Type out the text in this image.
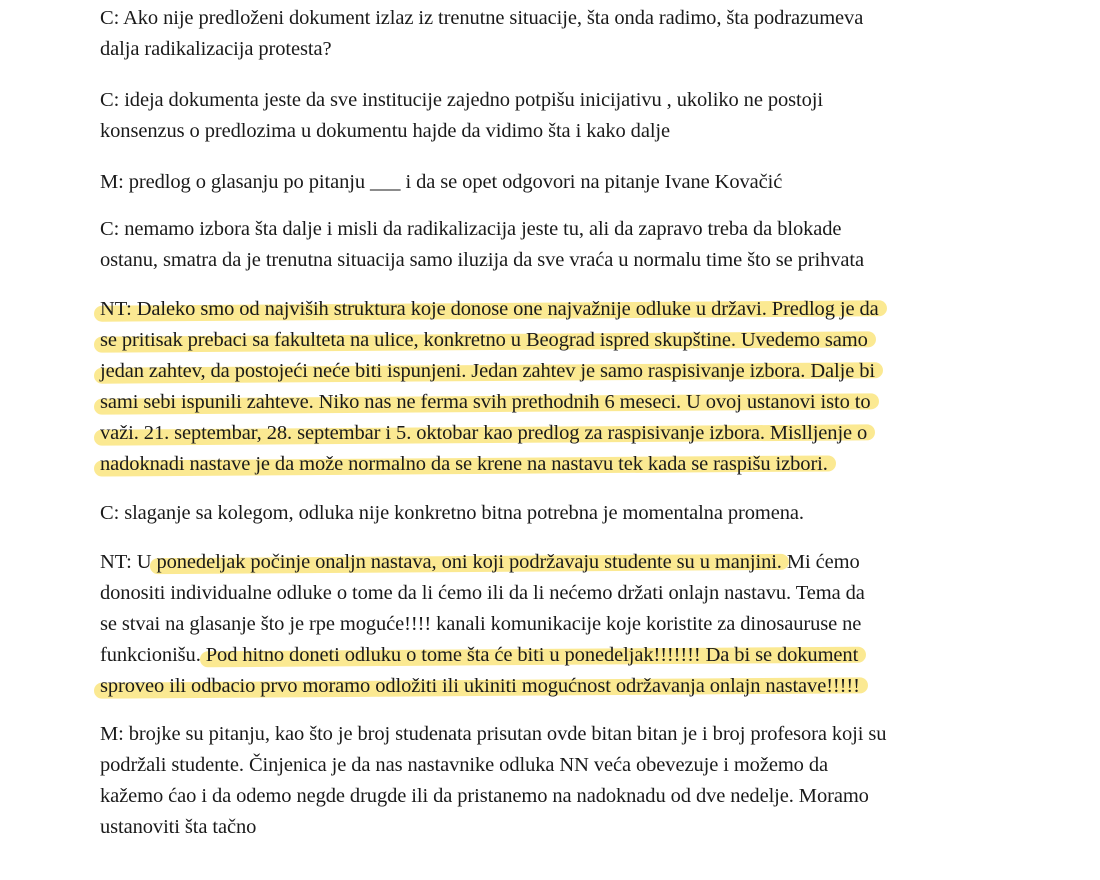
C: Ako nije predloženi dokument izlaz iz trenutne situacije, šta onda radimo, šta podrazumeva
dalja radikalizacija protesta?
C: ideja dokumenta jeste da sve institucije zajedno potpišu inicijativu , ukoliko ne postoji
konsenzus o predlozima u dokumentu hajde da vidimo šta i kako dalje
M: predlog o glasanju po pitanju ___ i da se opet odgovori na pitanje Ivane Kovačić
C: nemamo izbora šta dalje i misli da radikalizacija jeste tu, ali da zapravo treba da blokade
ostanu, smatra da je trenutna situacija samo iluzija da sve vraća u normalu time što se prihvata
NT: Daleko smo od najviših struktura koje donose one najvažnije odluke u državi. Predlog je da
se pritisak prebaci sa fakulteta na ulice, konkretno u Beograd ispred skupštine. Uvedemo samo
jedan zahtev, da postojeći neće biti ispunjeni. Jedan zahtev je samo raspisivanje izbora. Dalje bi
sami sebi ispunili zahteve. Niko nas ne ferma svih prethodnih 6 meseci. U ovoj ustanovi isto to
važi. 21. septembar, 28. septembar i 5. oktobar kao predlog za raspisivanje izbora. Mislljenje o
nadoknadi nastave je da može normalno da se krene na nastavu tek kada se raspišu izbori.
C: slaganje sa kolegom, odluka nije konkretno bitna potrebna je momentalna promena.
NT: U ponedeljak počinje onaljn nastava, oni koji podržavaju studente su u manjini. Mi ćemo
donositi individualne odluke o tome da li ćemo ili da li nećemo držati onlajn nastavu. Tema da
se stvai na glasanje što je rpe moguće!!!! kanali komunikacije koje koristite za dinosauruse ne
funkcionišu. Pod hitno doneti odluku o tome šta će biti u ponedeljak!!!!!!! Da bi se dokument
sproveo ili odbacio prvo moramo odložiti ili ukiniti mogućnost održavanja onlajn nastave!!!!!
M: brojke su pitanju, kao što je broj studenata prisutan ovde bitan bitan je i broj profesora koji su
podržali studente. Činjenica je da nas nastavnike odluka NN veća obevezuje i možemo da
kažemo ćao i da odemo negde drugde ili da pristanemo na nadoknadu od dve nedelje. Moramo
ustanoviti šta tačno
